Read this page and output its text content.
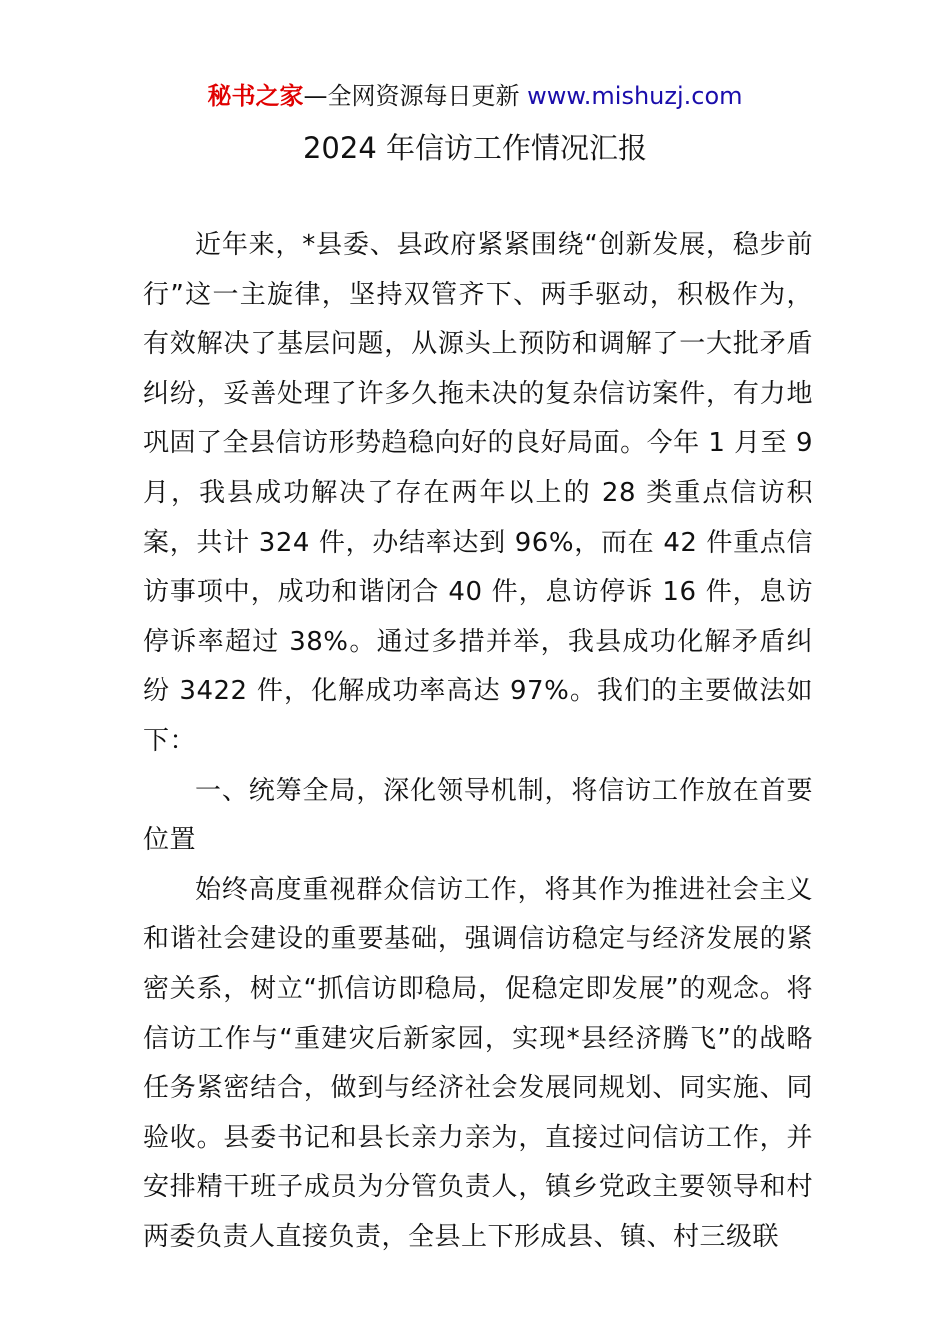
秘书之家—全网资源每日更新 www.mishuzj.com
2024 年信访工作情况汇报

近年来，*县委、县政府紧紧围绕“创新发展，稳步前行”这一主旋律，坚持双管齐下、两手驱动，积极作为，有效解决了基层问题，从源头上预防和调解了一大批矛盾纠纷，妥善处理了许多久拖未决的复杂信访案件，有力地巩固了全县信访形势趋稳向好的良好局面。今年 1 月至 9 月，我县成功解决了存在两年以上的 28 类重点信访积案，共计 324 件，办结率达到 96%，而在 42 件重点信访事项中，成功和谐闭合 40 件，息访停诉 16 件，息访停诉率超过 38%。通过多措并举，我县成功化解矛盾纠纷 3422 件，化解成功率高达 97%。我们的主要做法如下：

一、统筹全局，深化领导机制，将信访工作放在首要位置

始终高度重视群众信访工作，将其作为推进社会主义和谐社会建设的重要基础，强调信访稳定与经济发展的紧密关系，树立“抓信访即稳局，促稳定即发展”的观念。将信访工作与“重建灾后新家园，实现*县经济腾飞”的战略任务紧密结合，做到与经济社会发展同规划、同实施、同验收。县委书记和县长亲力亲为，直接过问信访工作，并安排精干班子成员为分管负责人，镇乡党政主要领导和村两委负责人直接负责，全县上下形成县、镇、村三级联
